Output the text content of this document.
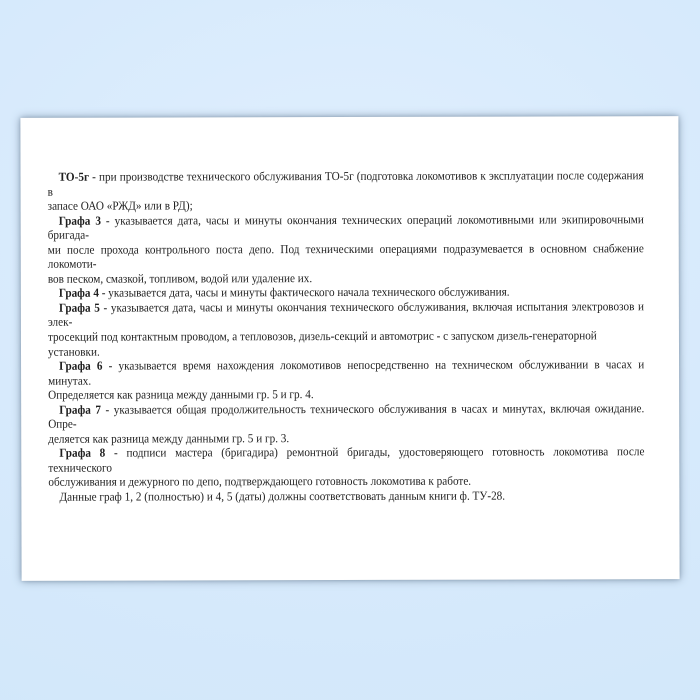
ТО-5г - при производстве технического обслуживания ТО-5г (подготовка локомотивов к эксплуатации после содержания в
запасе ОАО «РЖД» или в РД);
Графа 3 - указывается дата, часы и минуты окончания технических операций локомотивными или экипировочными бригада-
ми после прохода контрольного поста депо. Под техническими операциями подразумевается в основном снабжение локомоти-
вов песком, смазкой, топливом, водой или удаление их.
Графа 4 - указывается дата, часы и минуты фактического начала технического обслуживания.
Графа 5 - указывается дата, часы и минуты окончания технического обслуживания, включая испытания электровозов и элек-
тросекций под контактным проводом, а тепловозов, дизель-секций и автомотрис - с запуском дизель-генераторной установки.
Графа 6 - указывается время нахождения локомотивов непосредственно на техническом обслуживании в часах и минутах.
Определяется как разница между данными гр. 5 и гр. 4.
Графа 7 - указывается общая продолжительность технического обслуживания в часах и минутах, включая ожидание. Опре-
деляется как разница между данными гр. 5 и гр. 3.
Графа 8 - подписи мастера (бригадира) ремонтной бригады, удостоверяющего готовность локомотива после технического
обслуживания и дежурного по депо, подтверждающего готовность локомотива к работе.
Данные граф 1, 2 (полностью) и 4, 5 (даты) должны соответствовать данным книги ф. ТУ-28.
